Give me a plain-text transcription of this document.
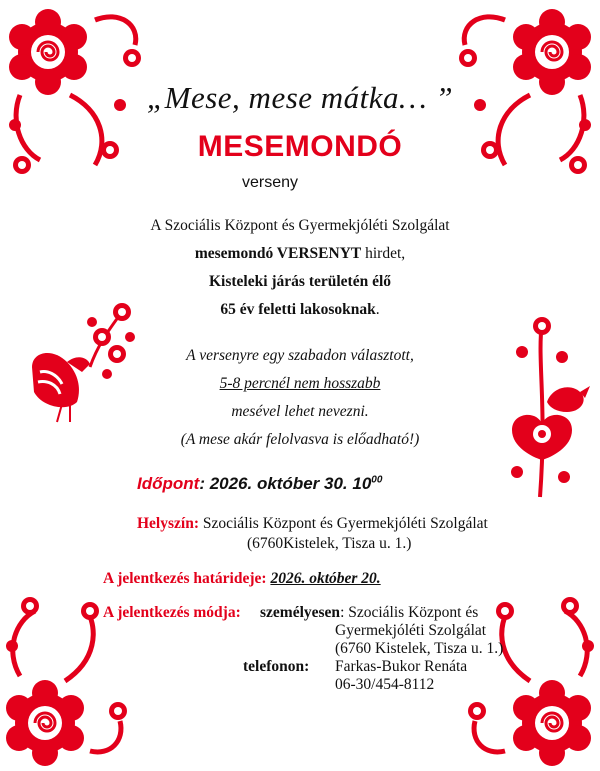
„Mese, mese mátka… ”
MESEMONDÓ
verseny
A Szociális Központ és Gyermekjóléti Szolgálat
mesemondó VERSENYT hirdet,
Kisteleki járás területén élő
65 év feletti lakosoknak.
A versenyre egy szabadon választott,
5-8 percnél nem hosszabb
mesével lehet nevezni.
(A mese akár felolvasva is előadható!)
Időpont: 2026. október 30. $10^{00}$
Helyszín: Szociális Központ és Gyermekjóléti Szolgálat
(6760Kistelek, Tisza u. 1.)
A jelentkezés határideje: 2026. október 20.
A jelentkezés módja: személyesen: Szociális Központ és
Gyermekjóléti Szolgálat
(6760 Kistelek, Tisza u. 1.)
telefonon: Farkas-Bukor Renáta
06-30/454-8112
